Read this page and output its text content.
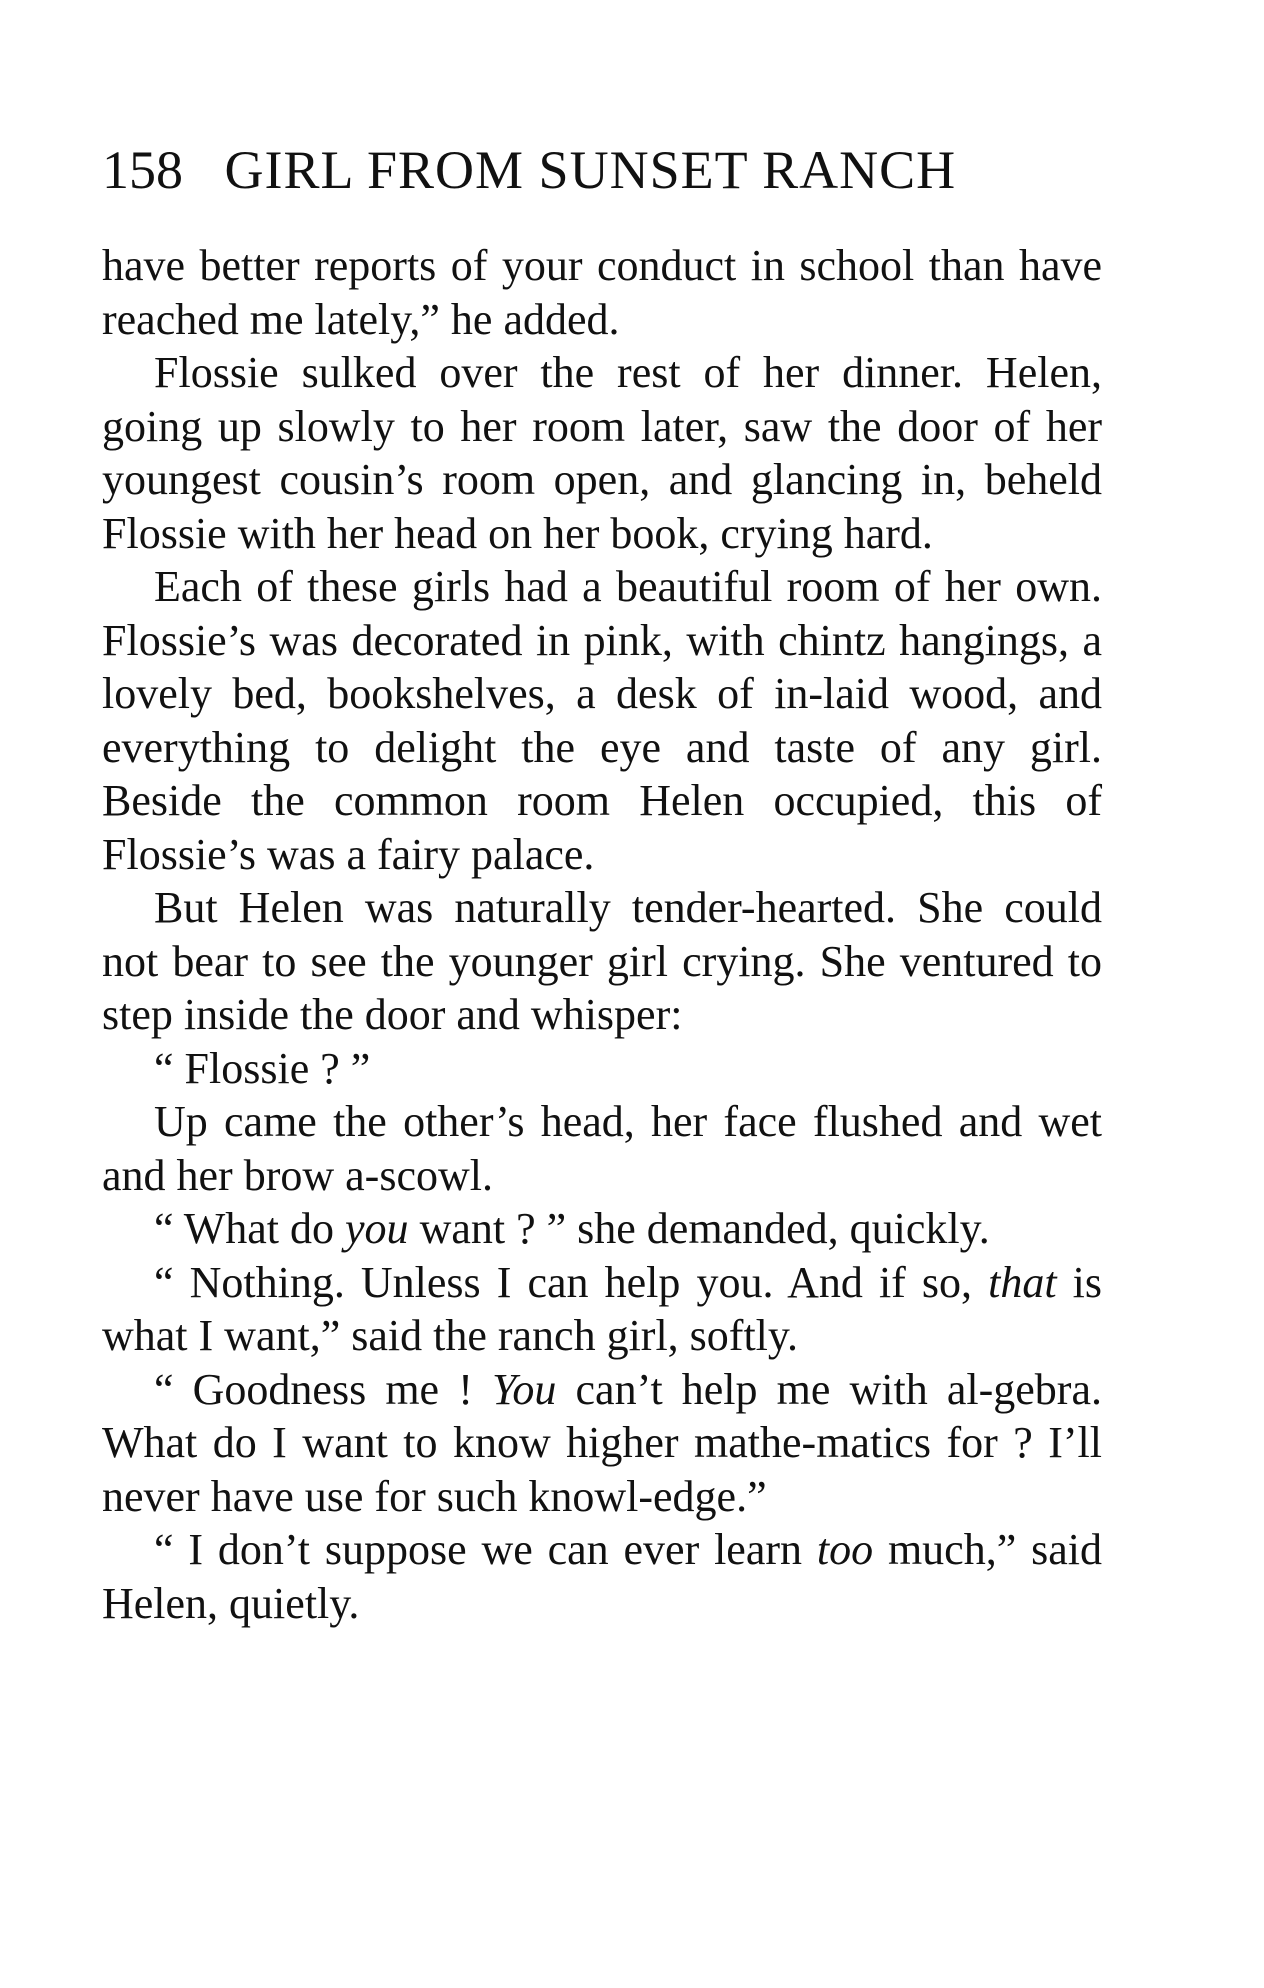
158 GIRL FROM SUNSET RANCH

have better reports of your conduct in school than have reached me lately,” he added.

Flossie sulked over the rest of her dinner. Helen, going up slowly to her room later, saw the door of her youngest cousin’s room open, and glancing in, beheld Flossie with her head on her book, crying hard.

Each of these girls had a beautiful room of her own. Flossie’s was decorated in pink, with chintz hangings, a lovely bed, bookshelves, a desk of in-laid wood, and everything to delight the eye and taste of any girl. Beside the common room Helen occupied, this of Flossie’s was a fairy palace.

But Helen was naturally tender-hearted. She could not bear to see the younger girl crying. She ventured to step inside the door and whisper:

“ Flossie ? ”

Up came the other’s head, her face flushed and wet and her brow a-scowl.

“ What do you want ? ” she demanded, quickly.

“ Nothing. Unless I can help you. And if so, that is what I want,” said the ranch girl, softly.

“ Goodness me ! You can’t help me with al-gebra. What do I want to know higher mathe-matics for ? I’ll never have use for such knowl-edge.”

“ I don’t suppose we can ever learn too much,” said Helen, quietly.
